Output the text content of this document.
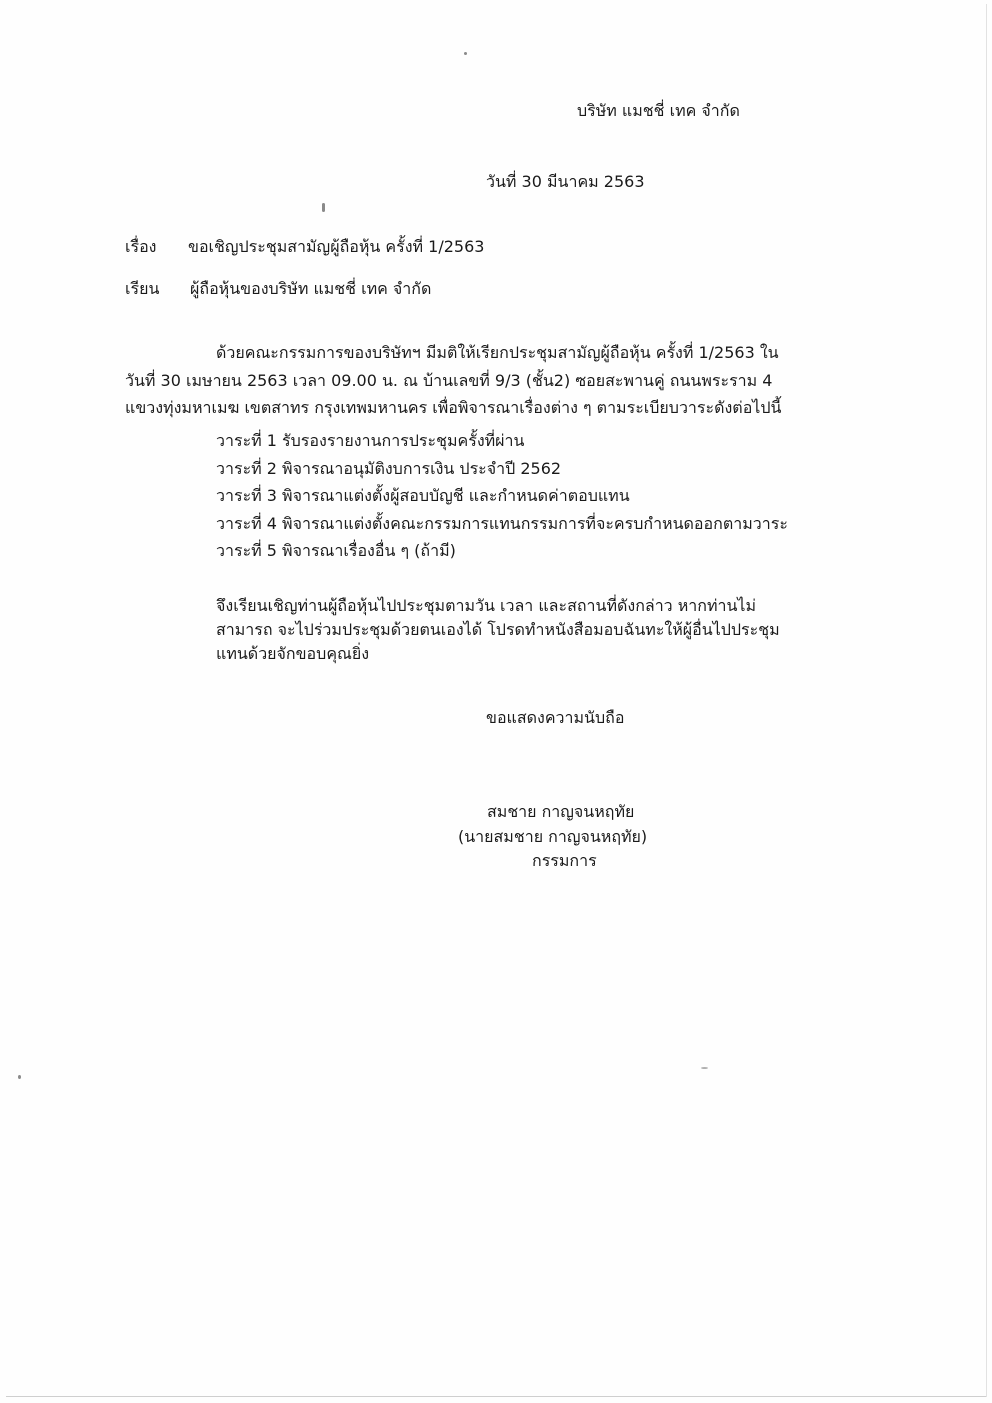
บริษัท แมชชี่ เทค จำกัด
วันที่ 30 มีนาคม 2563
เรื่อง ขอเชิญประชุมสามัญผู้ถือหุ้น ครั้งที่ 1/2563
เรียน ผู้ถือหุ้นของบริษัท แมชชี่ เทค จำกัด
ด้วยคณะกรรมการของบริษัทฯ มีมติให้เรียกประชุมสามัญผู้ถือหุ้น ครั้งที่ 1/2563 ใน
วันที่ 30 เมษายน 2563 เวลา 09.00 น. ณ บ้านเลขที่ 9/3 (ชั้น2) ซอยสะพานคู่ ถนนพระราม 4
แขวงทุ่งมหาเมฆ เขตสาทร กรุงเทพมหานคร เพื่อพิจารณาเรื่องต่าง ๆ ตามระเบียบวาระดังต่อไปนี้
วาระที่ 1 รับรองรายงานการประชุมครั้งที่ผ่าน
วาระที่ 2 พิจารณาอนุมัติงบการเงิน ประจำปี 2562
วาระที่ 3 พิจารณาแต่งตั้งผู้สอบบัญชี และกำหนดค่าตอบแทน
วาระที่ 4 พิจารณาแต่งตั้งคณะกรรมการแทนกรรมการที่จะครบกำหนดออกตามวาระ
วาระที่ 5 พิจารณาเรื่องอื่น ๆ (ถ้ามี)
จึงเรียนเชิญท่านผู้ถือหุ้นไปประชุมตามวัน เวลา และสถานที่ดังกล่าว หากท่านไม่
สามารถ จะไปร่วมประชุมด้วยตนเองได้ โปรดทำหนังสือมอบฉันทะให้ผู้อื่นไปประชุม
แทนด้วยจักขอบคุณยิ่ง
ขอแสดงความนับถือ
สมชาย กาญจนหฤทัย
(นายสมชาย กาญจนหฤทัย)
กรรมการ
